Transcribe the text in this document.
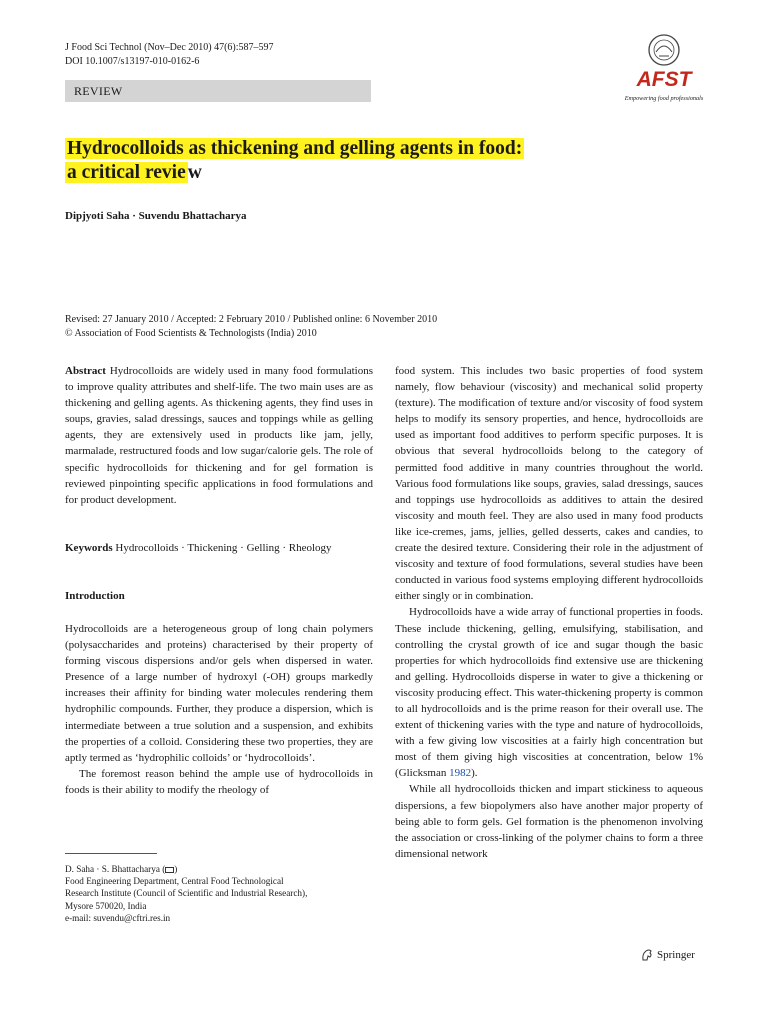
J Food Sci Technol (Nov–Dec 2010) 47(6):587–597
DOI 10.1007/s13197-010-0162-6
REVIEW	AFST
Empowering food professionals
Hydrocolloids as thickening and gelling agents in food:
a critical revie w
Dipjyoti Saha · Suvendu Bhattacharya
Revised: 27 January 2010 / Accepted: 2 February 2010 / Published online: 6 November 2010
© Association of Food Scientists & Technologists (India) 2010

Abstract Hydrocolloids are widely used in many food formulations to improve quality attributes and shelf-life. The two main uses are as thickening and gelling agents. As thickening agents, they find uses in soups, gravies, salad dressings, sauces and toppings while as gelling agents, they are extensively used in products like jam, jelly, marmalade, restructured foods and low sugar/calorie gels. The role of specific hydrocolloids for thickening and for gel formation is reviewed pinpointing specific applications in food formulations and for product development.

Keywords Hydrocolloids · Thickening · Gelling · Rheology
Introduction

Hydrocolloids are a heterogeneous group of long chain polymers (polysaccharides and proteins) characterised by their property of forming viscous dispersions and/or gels when dispersed in water. Presence of a large number of hydroxyl (-OH) groups markedly increases their affinity for binding water molecules rendering them hydrophilic compounds. Further, they produce a dispersion, which is intermediate between a true solution and a suspension, and exhibits the properties of a colloid. Considering these two properties, they are aptly termed as ‘hydrophilic colloids’ or ‘hydrocolloids’.

The foremost reason behind the ample use of hydrocolloids in foods is their ability to modify the rheology of

food system. This includes two basic properties of food system namely, flow behaviour (viscosity) and mechanical solid property (texture). The modification of texture and/or viscosity of food system helps to modify its sensory properties, and hence, hydrocolloids are used as important food additives to perform specific purposes. It is obvious that several hydrocolloids belong to the category of permitted food additive in many countries throughout the world. Various food formulations like soups, gravies, salad dressings, sauces and toppings use hydrocolloids as additives to attain the desired viscosity and mouth feel. They are also used in many food products like ice-cremes, jams, jellies, gelled desserts, cakes and candies, to create the desired texture. Considering their role in the adjustment of viscosity and texture of food formulations, several studies have been conducted in various food systems employing different hydrocolloids either singly or in combination.

Hydrocolloids have a wide array of functional properties in foods. These include thickening, gelling, emulsifying, stabilisation, and controlling the crystal growth of ice and sugar though the basic properties for which hydrocolloids find extensive use are thickening and gelling. Hydrocolloids disperse in water to give a thickening or viscosity producing effect. This water-thickening property is common to all hydrocolloids and is the prime reason for their overall use. The extent of thickening varies with the type and nature of hydrocolloids, with a few giving low viscosities at a fairly high concentration but most of them giving high viscosities at concentration, below 1% (Glicksman 1982).

While all hydrocolloids thicken and impart stickiness to aqueous dispersions, a few biopolymers also have another major property of being able to form gels. Gel formation is the phenomenon involving the association or cross-linking of the polymer chains to form a three dimensional network

D. Saha · S. Bhattacharya ( )
Food Engineering Department, Central Food Technological
Research Institute (Council of Scientific and Industrial Research),
Mysore 570020, India
e-mail: suvendu@cftri.res.in
Springer
